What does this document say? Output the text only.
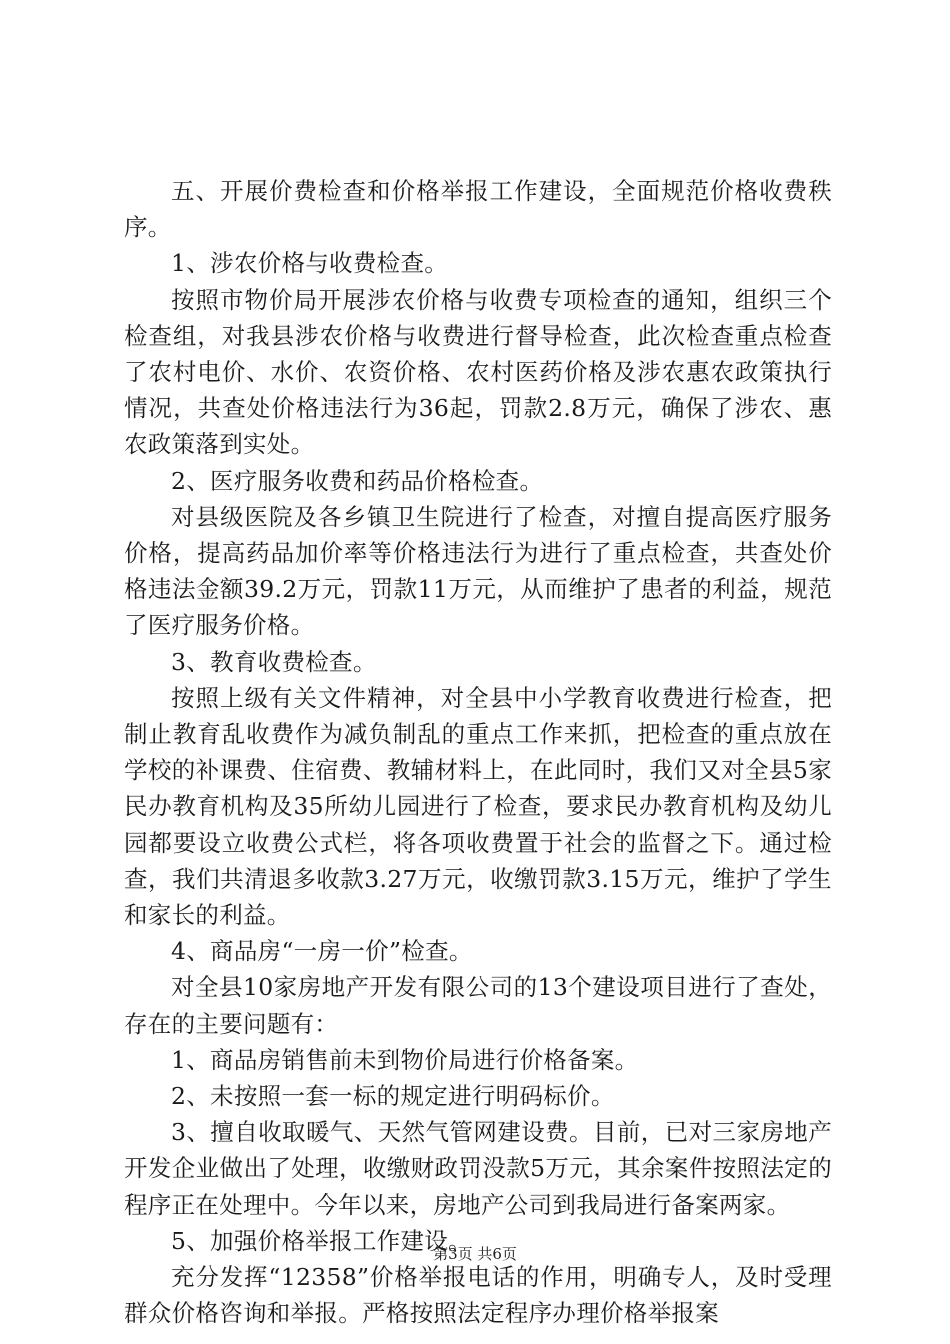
五、开展价费检查和价格举报工作建设，全面规范价格收费秩序。

1、涉农价格与收费检查。

按照市物价局开展涉农价格与收费专项检查的通知，组织三个检查组，对我县涉农价格与收费进行督导检查，此次检查重点检查了农村电价、水价、农资价格、农村医药价格及涉农惠农政策执行情况，共查处价格违法行为36起，罚款2.8万元，确保了涉农、惠农政策落到实处。

2、医疗服务收费和药品价格检查。

对县级医院及各乡镇卫生院进行了检查，对擅自提高医疗服务价格，提高药品加价率等价格违法行为进行了重点检查，共查处价格违法金额39.2万元，罚款11万元，从而维护了患者的利益，规范了医疗服务价格。

3、教育收费检查。

按照上级有关文件精神，对全县中小学教育收费进行检查，把制止教育乱收费作为减负制乱的重点工作来抓，把检查的重点放在学校的补课费、住宿费、教辅材料上，在此同时，我们又对全县5家民办教育机构及35所幼儿园进行了检查，要求民办教育机构及幼儿园都要设立收费公式栏，将各项收费置于社会的监督之下。通过检查，我们共清退多收款3.27万元，收缴罚款3.15万元，维护了学生和家长的利益。

4、商品房“一房一价”检查。

对全县10家房地产开发有限公司的13个建设项目进行了查处，存在的主要问题有：

1、商品房销售前未到物价局进行价格备案。

2、未按照一套一标的规定进行明码标价。

3、擅自收取暖气、天然气管网建设费。目前，已对三家房地产开发企业做出了处理，收缴财政罚没款5万元，其余案件按照法定的程序正在处理中。今年以来，房地产公司到我局进行备案两家。

5、加强价格举报工作建设。

充分发挥“12358”价格举报电话的作用，明确专人，及时受理群众价格咨询和举报。严格按照法定程序办理价格举报案

第3页 共6页
